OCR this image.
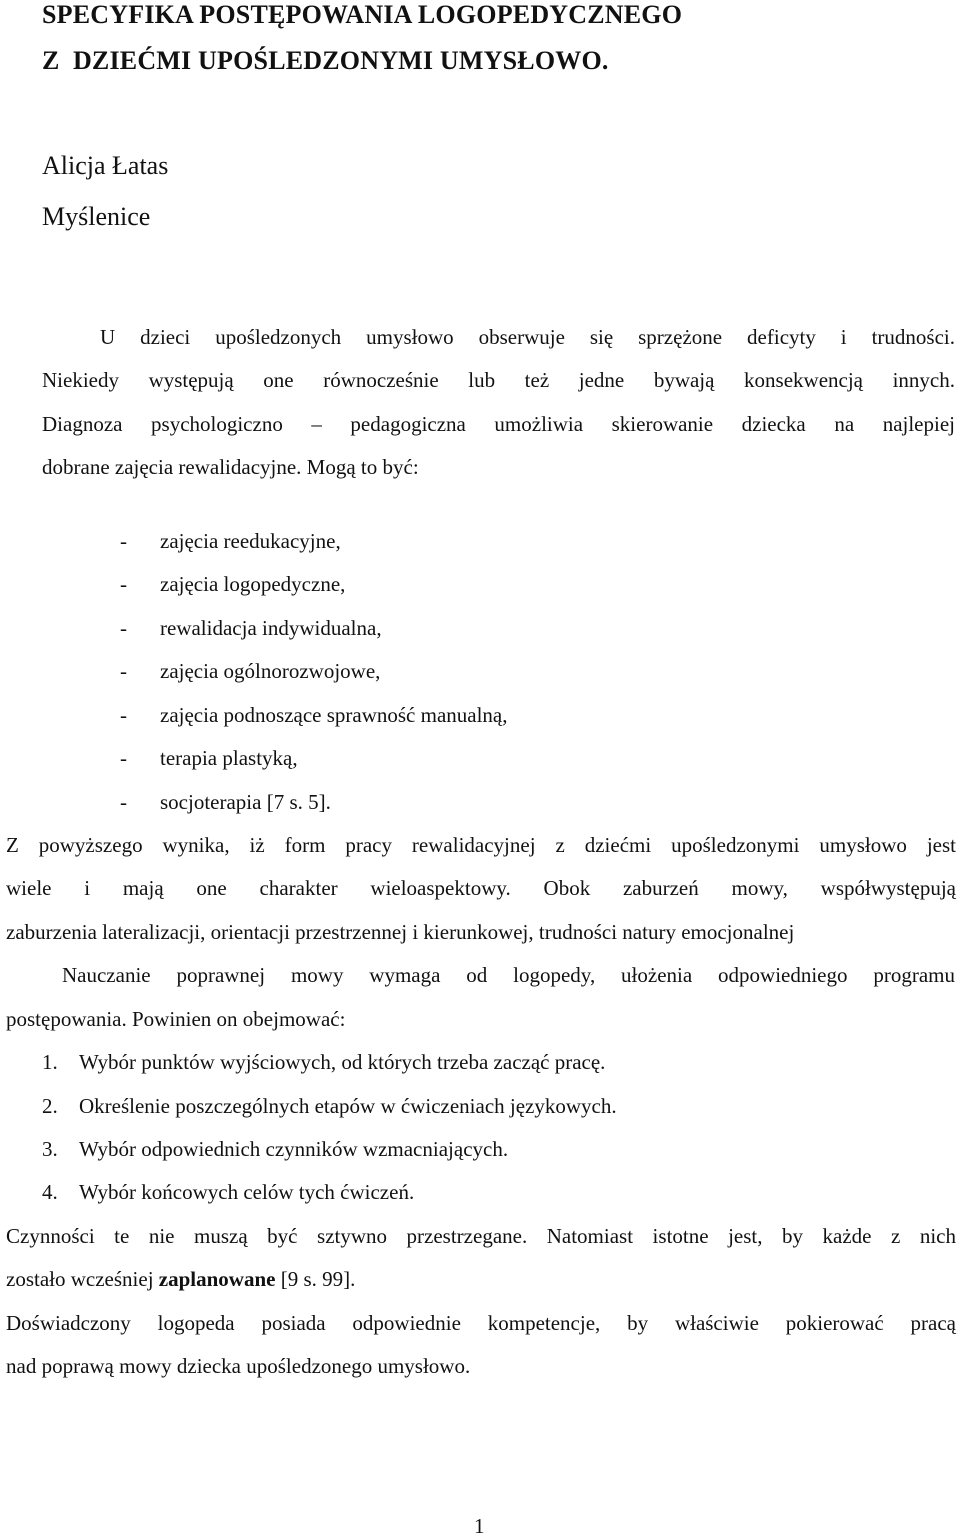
SPECYFIKA POSTĘPOWANIA LOGOPEDYCZNEGO
Z  DZIEĆMI UPOŚLEDZONYMI UMYSŁOWO.
Alicja Łatas
Myślenice
U dzieci upośledzonych umysłowo obserwuje się sprzężone deficyty i trudności.
Niekiedy występują one równocześnie lub też jedne bywają konsekwencją innych.
Diagnoza psychologiczno – pedagogiczna umożliwia skierowanie dziecka na najlepiej
dobrane zajęcia rewalidacyjne. Mogą to być:
- zajęcia reedukacyjne,
- zajęcia logopedyczne,
- rewalidacja indywidualna,
- zajęcia ogólnorozwojowe,
- zajęcia podnoszące sprawność manualną,
- terapia plastyką,
- socjoterapia [7 s. 5].
Z powyższego wynika, iż form pracy rewalidacyjnej z dziećmi upośledzonymi umysłowo jest
wiele i mają one charakter wieloaspektowy. Obok zaburzeń mowy, współwystępują
zaburzenia lateralizacji, orientacji przestrzennej i kierunkowej, trudności natury emocjonalnej
Nauczanie poprawnej mowy wymaga od logopedy, ułożenia odpowiedniego programu
postępowania. Powinien on obejmować:
1. Wybór punktów wyjściowych, od których trzeba zacząć pracę.
2. Określenie poszczególnych etapów w ćwiczeniach językowych.
3. Wybór odpowiednich czynników wzmacniających.
4. Wybór końcowych celów tych ćwiczeń.
Czynności te nie muszą być sztywno przestrzegane. Natomiast istotne jest, by każde z nich
zostało wcześniej zaplanowane [9 s. 99].
Doświadczony logopeda posiada odpowiednie kompetencje, by właściwie pokierować pracą
nad poprawą mowy dziecka upośledzonego umysłowo.
1
